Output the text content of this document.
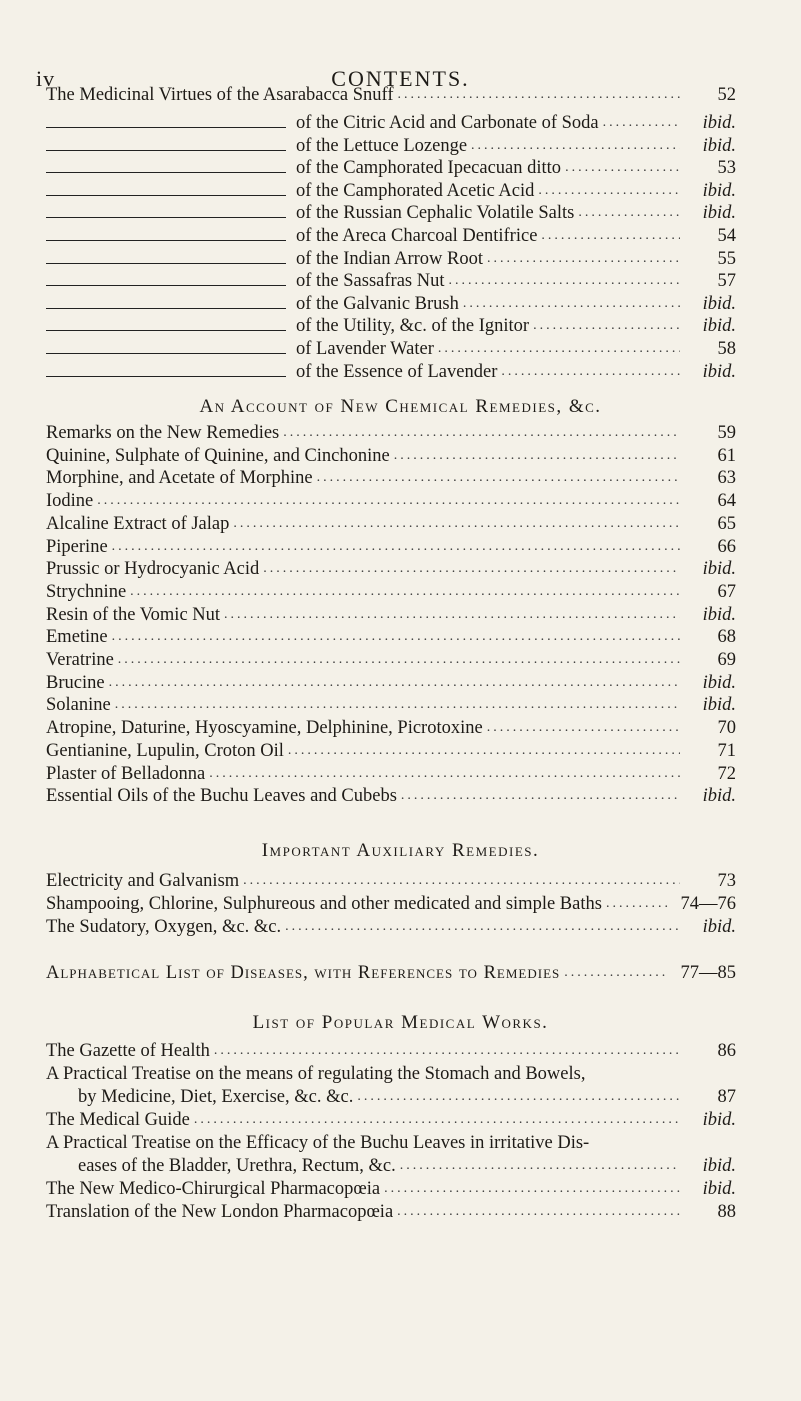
iv	CONTENTS.
The Medicinal Virtues of the Asarabacca Snuff .....	52
of the Citric Acid and Carbonate of Soda .....	ibid.
of the Lettuce Lozenge .....	ibid.
of the Camphorated Ipecacuan ditto .....	53
of the Camphorated Acetic Acid .....	ibid.
of the Russian Cephalic Volatile Salts .....	ibid.
of the Areca Charcoal Dentifrice .....	54
of the Indian Arrow Root .....	55
of the Sassafras Nut .....	57
of the Galvanic Brush .....	ibid.
of the Utility, &c. of the Ignitor .....	ibid.
of Lavender Water .....	58
of the Essence of Lavender .....	ibid.
An Account of New Chemical Remedies, &c.
Remarks on the New Remedies .....	59
Quinine, Sulphate of Quinine, and Cinchonine .....	61
Morphine, and Acetate of Morphine .....	63
Iodine .....	64
Alcaline Extract of Jalap .....	65
Piperine .....	66
Prussic or Hydrocyanic Acid .....	ibid.
Strychnine .....	67
Resin of the Vomic Nut .....	ibid.
Emetine .....	68
Veratrine .....	69
Brucine .....	ibid.
Solanine .....	ibid.
Atropine, Daturine, Hyoscyamine, Delphinine, Picrotoxine .....	70
Gentianine, Lupulin, Croton Oil .....	71
Plaster of Belladonna .....	72
Essential Oils of the Buchu Leaves and Cubebs .....	ibid.
Important Auxiliary Remedies.
Electricity and Galvanism .....	73
Shampooing, Chlorine, Sulphureous and other medicated and simple Baths .....	74—76
The Sudatory, Oxygen, &c. &c. .....	ibid.
Alphabetical List of Diseases, with References to Remedies .....	77—85
List of Popular Medical Works.
The Gazette of Health .....	86
A Practical Treatise on the means of regulating the Stomach and Bowels,
by Medicine, Diet, Exercise, &c. &c. .....	87
The Medical Guide .....	ibid.
A Practical Treatise on the Efficacy of the Buchu Leaves in irritative Dis-
eases of the Bladder, Urethra, Rectum, &c. .....	ibid.
The New Medico-Chirurgical Pharmacopœia .....	ibid.
Translation of the New London Pharmacopœia .....	88
